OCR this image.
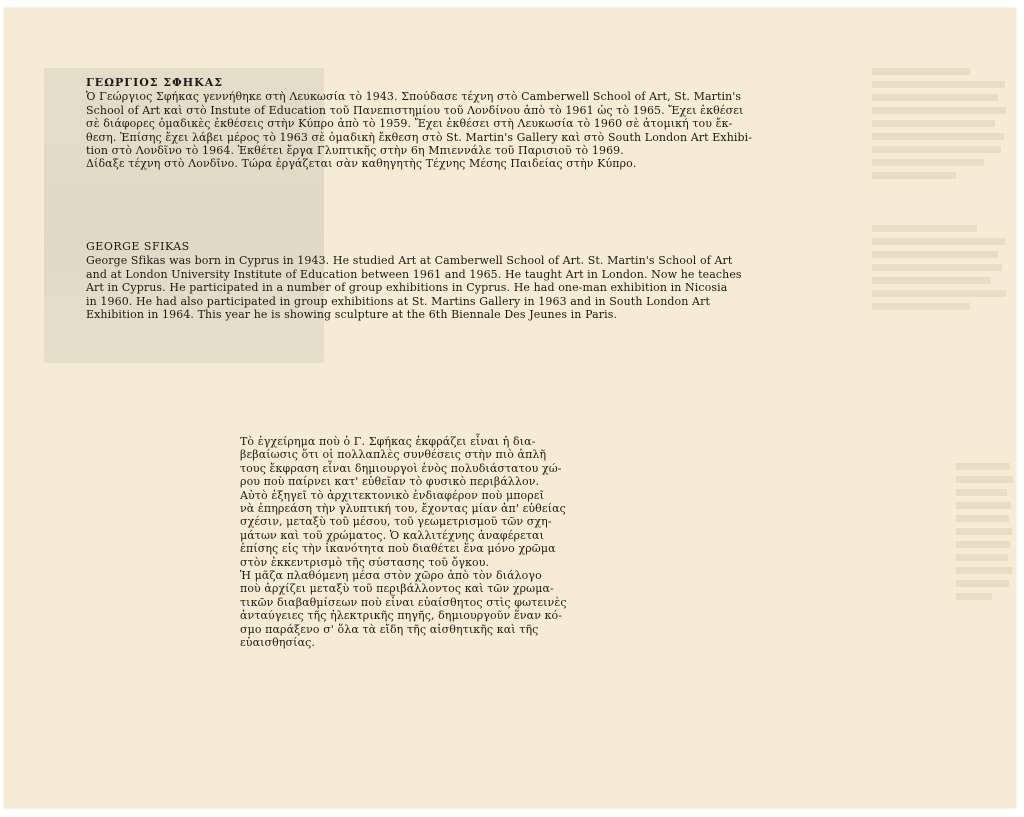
ΓΕΩΡΓΙΟΣ ΣΦΗΚΑΣ
Ὁ Γεώργιος Σφήκας γεννήθηκε στὴ Λευκωσία τὸ 1943. Σπούδασε τέχνη στὸ Camberwell School of Art, St. Martin's
School of Art καὶ στὸ Instute of Education τοῦ Πανεπιστημίου τοῦ Λονδίνου ἀπὸ τὸ 1961 ὡς τὸ 1965. Ἔχει ἐκθέσει
σὲ διάφορες ὁμαδικὲς ἐκθέσεις στὴν Κύπρο ἀπὸ τὸ 1959. Ἔχει ἐκθέσει στὴ Λευκωσία τὸ 1960 σὲ ἀτομική του ἔκ-
θεση. Ἐπίσης ἔχει λάβει μέρος τὸ 1963 σὲ ὁμαδικὴ ἔκθεση στὸ St. Martin's Gallery καὶ στὸ South London Art Exhibi-
tion στὸ Λονδῖνο τὸ 1964. Ἐκθέτει ἔργα Γλυπτικῆς στὴν 6η Μπιεννάλε τοῦ Παρισιοῦ τὸ 1969.
Δίδαξε τέχνη στὸ Λονδῖνο. Τώρα ἐργάζεται σὰν καθηγητὴς Τέχνης Μέσης Παιδείας στὴν Κύπρο.
GEORGE SFIKAS
George Sfikas was born in Cyprus in 1943. He studied Art at Camberwell School of Art. St. Martin's School of Art
and at London University Institute of Education between 1961 and 1965. He taught Art in London. Now he teaches
Art in Cyprus. He participated in a number of group exhibitions in Cyprus. He had one-man exhibition in Nicosia
in 1960. He had also participated in group exhibitions at St. Martins Gallery in 1963 and in South London Art
Exhibition in 1964. This year he is showing sculpture at the 6th Biennale Des Jeunes in Paris.
Τὸ ἐγχείρημα ποὺ ὁ Γ. Σφήκας ἐκφράζει εἶναι ἡ δια-
βεβαίωσις ὅτι οἱ πολλαπλὲς συνθέσεις στὴν πιὸ ἁπλῆ
τους ἔκφραση εἶναι δημιουργοὶ ἑνὸς πολυδιάστατου χώ-
ρου ποὺ παίρνει κατ' εὐθεῖαν τὸ φυσικὸ περιβάλλον.
Αὐτὸ ἐξηγεῖ τὸ ἀρχιτεκτονικὸ ἐνδιαφέρον ποὺ μπορεῖ
νὰ ἐπηρεάση τὴν γλυπτική του, ἔχοντας μίαν ἀπ' εὐθείας
σχέσιν, μεταξὺ τοῦ μέσου, τοῦ γεωμετρισμοῦ τῶν σχη-
μάτων καὶ τοῦ χρώματος. Ὁ καλλιτέχνης ἀναφέρεται
ἐπίσης εἰς τὴν ἱκανότητα ποὺ διαθέτει ἕνα μόνο χρῶμα
στὸν ἐκκεντρισμὸ τῆς σύστασης τοῦ ὄγκου.
Ἡ μᾶζα πλαθόμενη μέσα στὸν χῶρο ἀπὸ τὸν διάλογο
ποὺ ἀρχίζει μεταξὺ τοῦ περιβάλλοντος καὶ τῶν χρωμα-
τικῶν διαβαθμίσεων ποὺ εἶναι εὐαίσθητος στὶς φωτεινὲς
ἀνταύγειες τῆς ἠλεκτρικῆς πηγῆς, δημιουργοῦν ἕναν κό-
σμο παράξενο σ' ὅλα τὰ εἴδη τῆς αἰσθητικῆς καὶ τῆς
εὐαισθησίας.
